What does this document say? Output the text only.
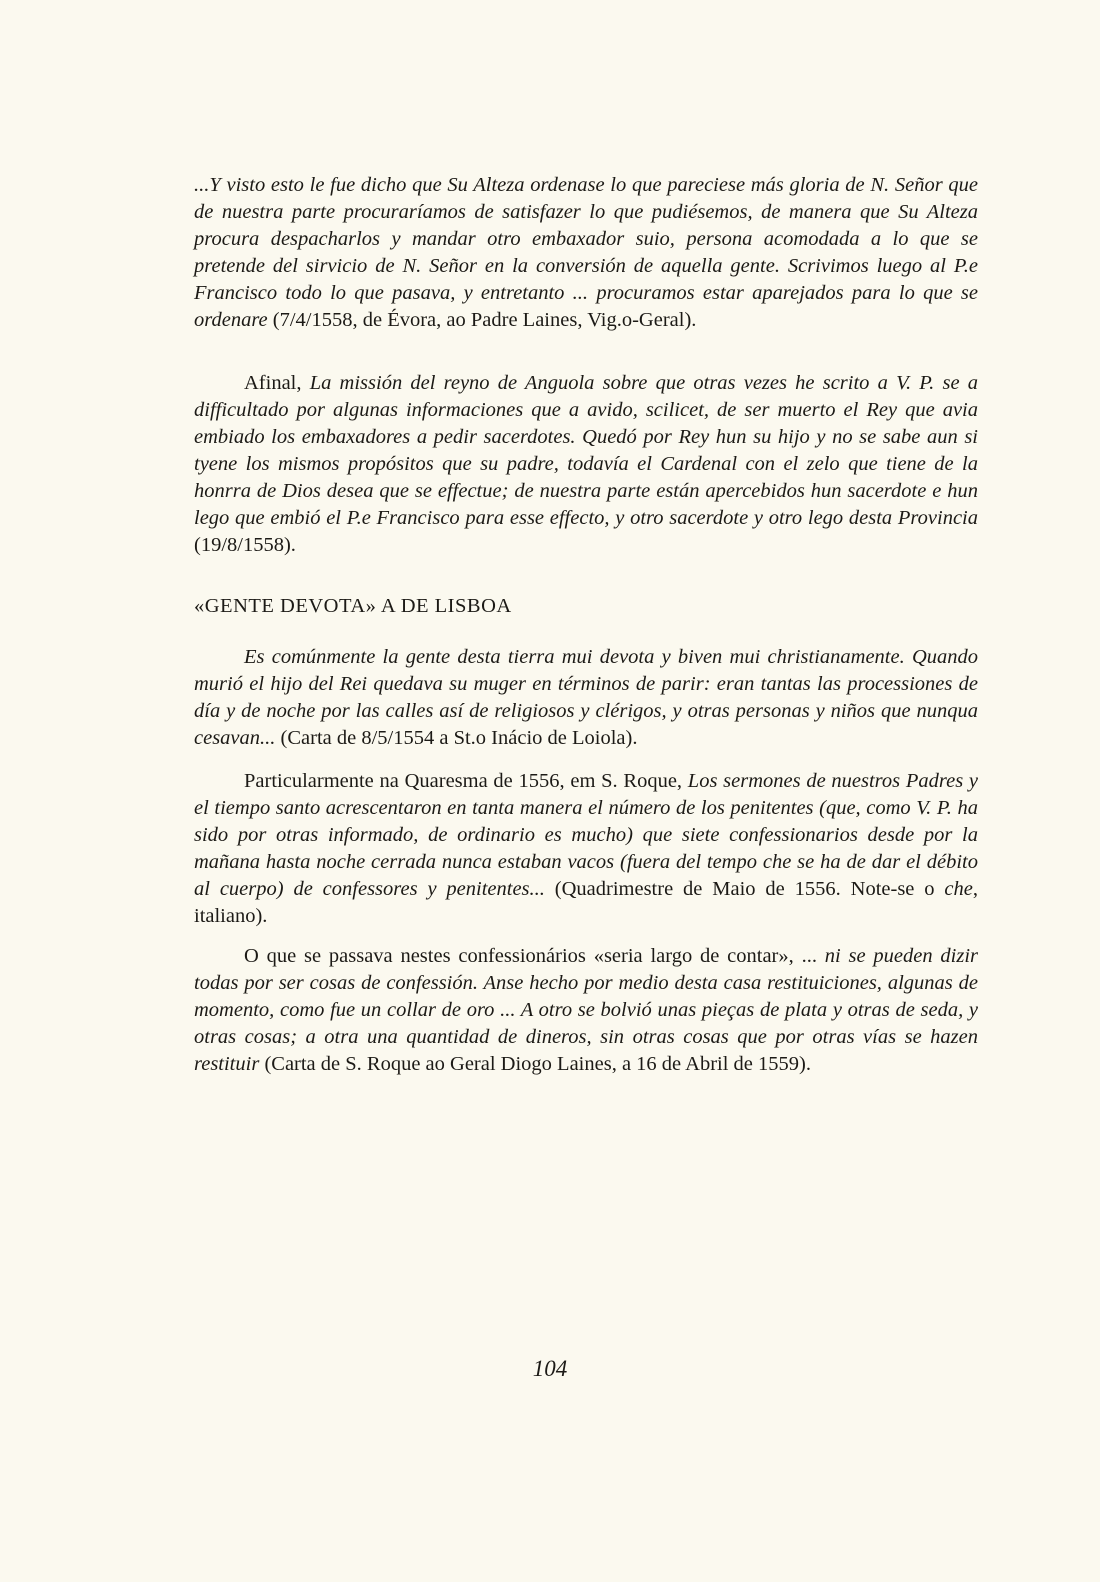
...Y visto esto le fue dicho que Su Alteza ordenase lo que pareciese más gloria de N. Señor que de nuestra parte procuraríamos de satisfazer lo que pudiésemos, de manera que Su Alteza procura despacharlos y mandar otro embaxador suio, persona acomodada a lo que se pretende del sirvicio de N. Señor en la conversión de aquella gente. Scrivimos luego al P.e Francisco todo lo que pasava, y entretanto ... procuramos estar aparejados para lo que se ordenare (7/4/1558, de Évora, ao Padre Laines, Vig.o-Geral).
Afinal, La missión del reyno de Anguola sobre que otras vezes he scrito a V. P. se a difficultado por algunas informaciones que a avido, scilicet, de ser muerto el Rey que avia embiado los embaxadores a pedir sacerdotes. Quedó por Rey hun su hijo y no se sabe aun si tyene los mismos propósitos que su padre, todavía el Cardenal con el zelo que tiene de la honrra de Dios desea que se effectue; de nuestra parte están apercebidos hun sacerdote e hun lego que embió el P.e Francisco para esse effecto, y otro sacerdote y otro lego desta Provincia (19/8/1558).
«GENTE DEVOTA» A DE LISBOA
Es comúnmente la gente desta tierra mui devota y biven mui christianamente. Quando murió el hijo del Rei quedava su muger en términos de parir: eran tantas las processiones de día y de noche por las calles así de religiosos y clérigos, y otras personas y niños que nunqua cesavan... (Carta de 8/5/1554 a St.o Inácio de Loiola).
Particularmente na Quaresma de 1556, em S. Roque, Los sermones de nuestros Padres y el tiempo santo acrescentaron en tanta manera el número de los penitentes (que, como V. P. ha sido por otras informado, de ordinario es mucho) que siete confessionarios desde por la mañana hasta noche cerrada nunca estaban vacos (fuera del tempo che se ha de dar el débito al cuerpo) de confessores y penitentes... (Quadrimestre de Maio de 1556. Note-se o che, italiano).
O que se passava nestes confessionários «seria largo de contar», ... ni se pueden dizir todas por ser cosas de confessión. Anse hecho por medio desta casa restituiciones, algunas de momento, como fue un collar de oro ... A otro se bolvió unas pieças de plata y otras de seda, y otras cosas; a otra una quantidad de dineros, sin otras cosas que por otras vías se hazen restituir (Carta de S. Roque ao Geral Diogo Laines, a 16 de Abril de 1559).
104
